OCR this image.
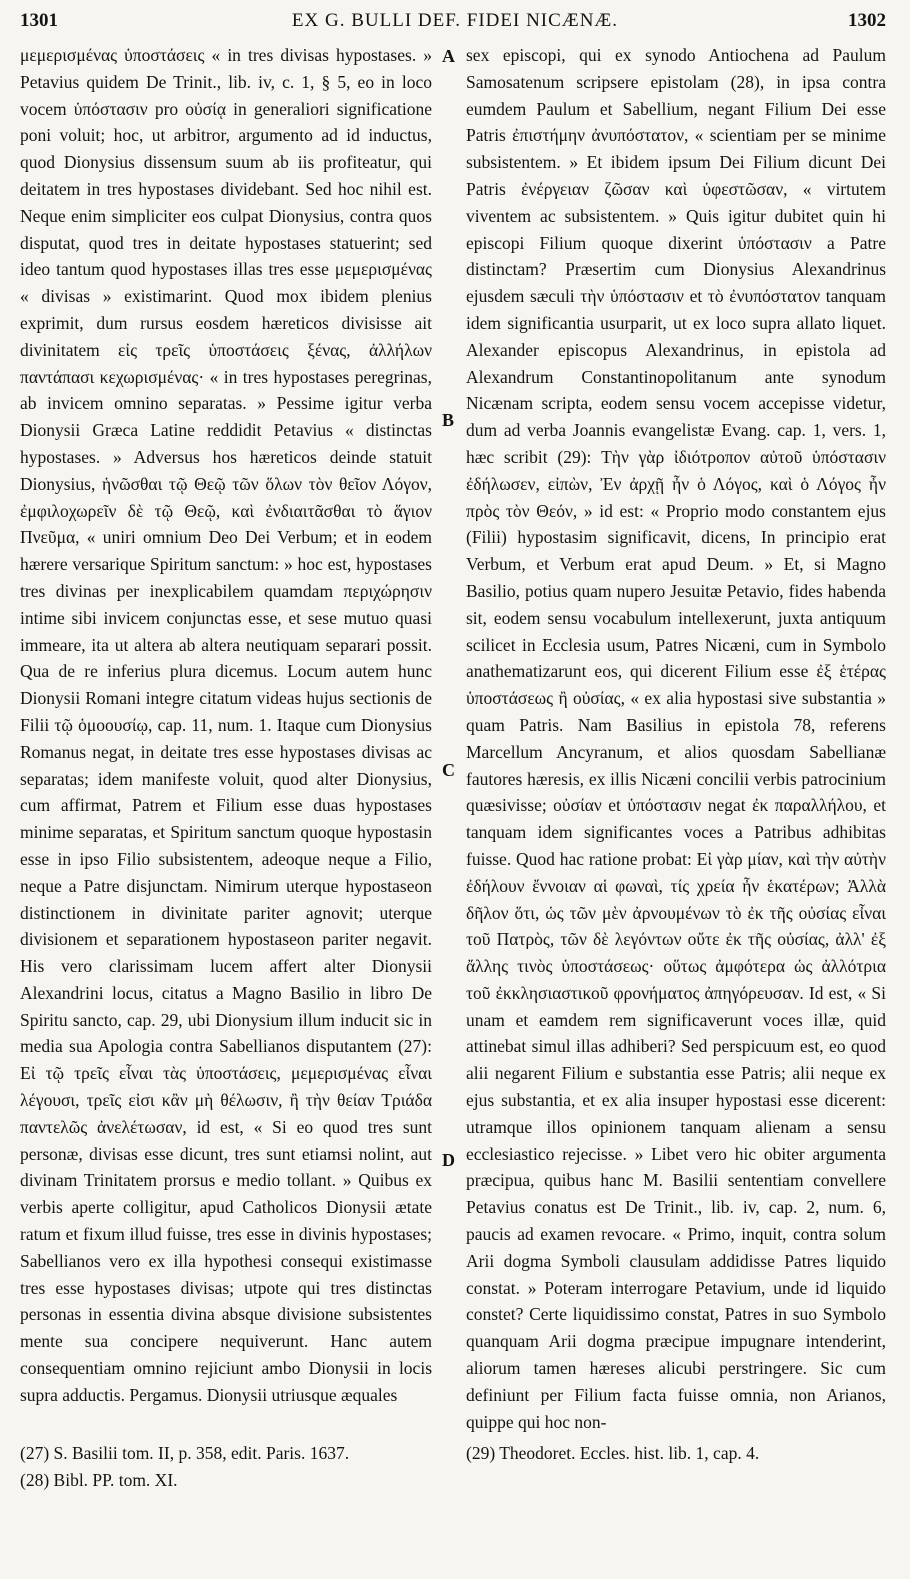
1301	EX G. BULLI DEF. FIDEI NICÆNÆ.	1302

μεμερισμένας ὑποστάσεις « in tres divisas hypostases. » Petavius quidem De Trinit., lib. iv, c. 1, § 5, eo in loco vocem ὑπόστασιν pro οὐσίᾳ in generaliori significatione poni voluit; hoc, ut arbitror, argumento ad id inductus, quod Dionysius dissensum suum ab iis profiteatur, qui deitatem in tres hypostases dividebant. Sed hoc nihil est. Neque enim simpliciter eos culpat Dionysius, contra quos disputat, quod tres in deitate hypostases statuerint; sed ideo tantum quod hypostases illas tres esse μεμερισμένας « divisas » existimarint. Quod mox ibidem plenius exprimit, dum rursus eosdem hæreticos divisisse ait divinitatem εἰς τρεῖς ὑποστάσεις ξένας, ἀλλήλων παντάπασι κεχωρισμένας· « in tres hypostases peregrinas, ab invicem omnino separatas. » Pessime igitur verba Dionysii Græca Latine reddidit Petavius « distinctas hypostases. » Adversus hos hæreticos deinde statuit Dionysius, ἡνῶσθαι τῷ Θεῷ τῶν ὅλων τὸν θεῖον Λόγον, ἐμφιλοχωρεῖν δὲ τῷ Θεῷ, καὶ ἐνδιαιτᾶσθαι τὸ ἅγιον Πνεῦμα, « uniri omnium Deo Dei Verbum; et in eodem hærere versarique Spiritum sanctum: » hoc est, hypostases tres divinas per inexplicabilem quamdam περιχώρησιν intime sibi invicem conjunctas esse, et sese mutuo quasi immeare, ita ut altera ab altera neutiquam separari possit. Qua de re inferius plura dicemus. Locum autem hunc Dionysii Romani integre citatum videas hujus sectionis de Filii τῷ ὁμοουσίῳ, cap. 11, num. 1. Itaque cum Dionysius Romanus negat, in deitate tres esse hypostases divisas ac separatas; idem manifeste voluit, quod alter Dionysius, cum affirmat, Patrem et Filium esse duas hypostases minime separatas, et Spiritum sanctum quoque hypostasin esse in ipso Filio subsistentem, adeoque neque a Filio, neque a Patre disjunctam. Nimirum uterque hypostaseon distinctionem in divinitate pariter agnovit; uterque divisionem et separationem hypostaseon pariter negavit. His vero clarissimam lucem affert alter Dionysii Alexandrini locus, citatus a Magno Basilio in libro De Spiritu sancto, cap. 29, ubi Dionysium illum inducit sic in media sua Apologia contra Sabellianos disputantem (27): Εἰ τῷ τρεῖς εἶναι τὰς ὑποστάσεις, μεμερισμένας εἶναι λέγουσι, τρεῖς εἰσι κἂν μὴ θέλωσιν, ἢ τὴν θείαν Τριάδα παντελῶς ἀνελέτωσαν, id est, « Si eo quod tres sunt personæ, divisas esse dicunt, tres sunt etiamsi nolint, aut divinam Trinitatem prorsus e medio tollant. » Quibus ex verbis aperte colligitur, apud Catholicos Dionysii ætate ratum et fixum illud fuisse, tres esse in divinis hypostases; Sabellianos vero ex illa hypothesi consequi existimasse tres esse hypostases divisas; utpote qui tres distinctas personas in essentia divina absque divisione subsistentes mente sua concipere nequiverunt. Hanc autem consequentiam omnino rejiciunt ambo Dionysii in locis supra adductis. Pergamus. Dionysii utriusque æquales

A
B
C
D

sex episcopi, qui ex synodo Antiochena ad Paulum Samosatenum scripsere epistolam (28), in ipsa contra eumdem Paulum et Sabellium, negant Filium Dei esse Patris ἐπιστήμην ἀνυπόστατον, « scientiam per se minime subsistentem. » Et ibidem ipsum Dei Filium dicunt Dei Patris ἐνέργειαν ζῶσαν καὶ ὑφεστῶσαν, « virtutem viventem ac subsistentem. » Quis igitur dubitet quin hi episcopi Filium quoque dixerint ὑπόστασιν a Patre distinctam? Præsertim cum Dionysius Alexandrinus ejusdem sæculi τὴν ὑπόστασιν et τὸ ἐνυπόστατον tanquam idem significantia usurparit, ut ex loco supra allato liquet. Alexander episcopus Alexandrinus, in epistola ad Alexandrum Constantinopolitanum ante synodum Nicænam scripta, eodem sensu vocem accepisse videtur, dum ad verba Joannis evangelistæ Evang. cap. 1, vers. 1, hæc scribit (29): Τὴν γὰρ ἰδιότροπον αὐτοῦ ὑπόστασιν ἐδήλωσεν, εἰπὼν, Ἐν ἀρχῇ ἦν ὁ Λόγος, καὶ ὁ Λόγος ἦν πρὸς τὸν Θεόν, » id est: « Proprio modo constantem ejus (Filii) hypostasim significavit, dicens, In principio erat Verbum, et Verbum erat apud Deum. » Et, si Magno Basilio, potius quam nupero Jesuitæ Petavio, fides habenda sit, eodem sensu vocabulum intellexerunt, juxta antiquum scilicet in Ecclesia usum, Patres Nicæni, cum in Symbolo anathematizarunt eos, qui dicerent Filium esse ἐξ ἑτέρας ὑποστάσεως ἢ οὐσίας, « ex alia hypostasi sive substantia » quam Patris. Nam Basilius in epistola 78, referens Marcellum Ancyranum, et alios quosdam Sabellianæ fautores hæresis, ex illis Nicæni concilii verbis patrocinium quæsivisse; οὐσίαν et ὑπόστασιν negat ἐκ παραλλήλου, et tanquam idem significantes voces a Patribus adhibitas fuisse. Quod hac ratione probat: Εἰ γὰρ μίαν, καὶ τὴν αὐτὴν ἐδήλουν ἔννοιαν αἱ φωναὶ, τίς χρεία ἦν ἑκατέρων; Ἀλλὰ δῆλον ὅτι, ὡς τῶν μὲν ἀρνουμένων τὸ ἐκ τῆς οὐσίας εἶναι τοῦ Πατρὸς, τῶν δὲ λεγόντων οὔτε ἐκ τῆς οὐσίας, ἀλλ' ἐξ ἄλλης τινὸς ὑποστάσεως· οὕτως ἀμφότερα ὡς ἀλλότρια τοῦ ἐκκλησιαστικοῦ φρονήματος ἀπηγόρευσαν. Id est, « Si unam et eamdem rem significaverunt voces illæ, quid attinebat simul illas adhiberi? Sed perspicuum est, eo quod alii negarent Filium e substantia esse Patris; alii neque ex ejus substantia, et ex alia insuper hypostasi esse dicerent: utramque illos opinionem tanquam alienam a sensu ecclesiastico rejecisse. » Libet vero hic obiter argumenta præcipua, quibus hanc M. Basilii sententiam convellere Petavius conatus est De Trinit., lib. iv, cap. 2, num. 6, paucis ad examen revocare. « Primo, inquit, contra solum Arii dogma Symboli clausulam addidisse Patres liquido constat. » Poteram interrogare Petavium, unde id liquido constet? Certe liquidissimo constat, Patres in suo Symbolo quanquam Arii dogma præcipue impugnare intenderint, aliorum tamen hæreses alicubi perstringere. Sic cum definiunt per Filium facta fuisse omnia, non Arianos, quippe qui hoc non-

(27) S. Basilii tom. II, p. 358, edit. Paris. 1637.
(28) Bibl. PP. tom. XI.
(29) Theodoret. Eccles. hist. lib. 1, cap. 4.
